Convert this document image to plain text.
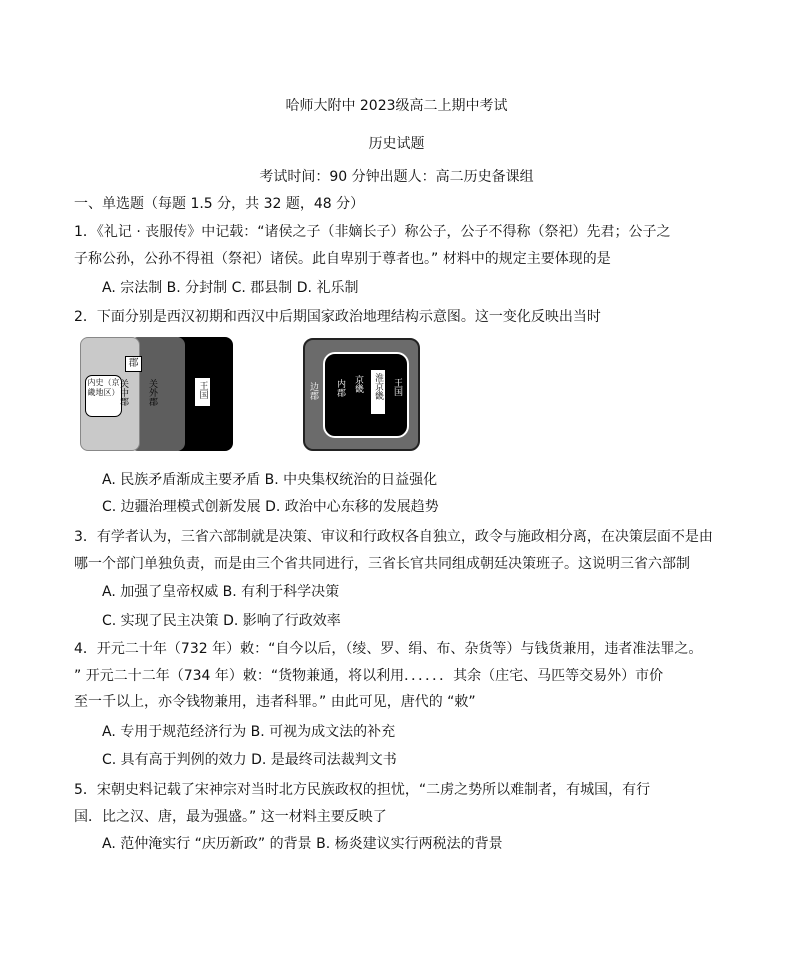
哈师大附中 2023级高二上期中考试
历史试题
考试时间：90 分钟出题人：高二历史备课组
一、单选题（每题 1.5 分，共 32 题，48 分）
1．《礼记 · 丧服传》中记载：“诸侯之子（非嫡长子）称公子，公子不得称（祭祀）先君；公子之
子称公孙，公孙不得祖（祭祀）诸侯。此自卑别于尊者也。” 材料中的规定主要体现的是
A. 宗法制 B. 分封制 C. 郡县制 D. 礼乐制
2．下面分别是西汉初期和西汉中后期国家政治地理结构示意图。这一变化反映出当时
郡
内史（京畿地区）
关中郡 关外郡	王国	边郡 内郡 京畿 淮京畿 王国
A. 民族矛盾渐成主要矛盾 B. 中央集权统治的日益强化
C. 边疆治理模式创新发展 D. 政治中心东移的发展趋势
3．有学者认为，三省六部制就是决策、审议和行政权各自独立，政令与施政相分离，在决策层面不是由
哪一个部门单独负责，而是由三个省共同进行，三省长官共同组成朝廷决策班子。这说明三省六部制
A. 加强了皇帝权威 B. 有利于科学决策
C. 实现了民主决策 D. 影响了行政效率
4．开元二十年（732 年）敕：“自今以后，（绫、罗、绢、布、杂货等）与钱货兼用，违者准法罪之。
” 开元二十二年（734 年）敕：“货物兼通，将以利用．．．．．．其余（庄宅、马匹等交易外）市价
至一千以上，亦令钱物兼用，违者科罪。” 由此可见，唐代的 “敕”
A. 专用于规范经济行为 B. 可视为成文法的补充
C. 具有高于判例的效力 D. 是最终司法裁判文书
5．宋朝史料记载了宋神宗对当时北方民族政权的担忧，“二虏之势所以难制者，有城国，有行
国．比之汉、唐，最为强盛。” 这一材料主要反映了
A. 范仲淹实行 “庆历新政” 的背景 B. 杨炎建议实行两税法的背景
